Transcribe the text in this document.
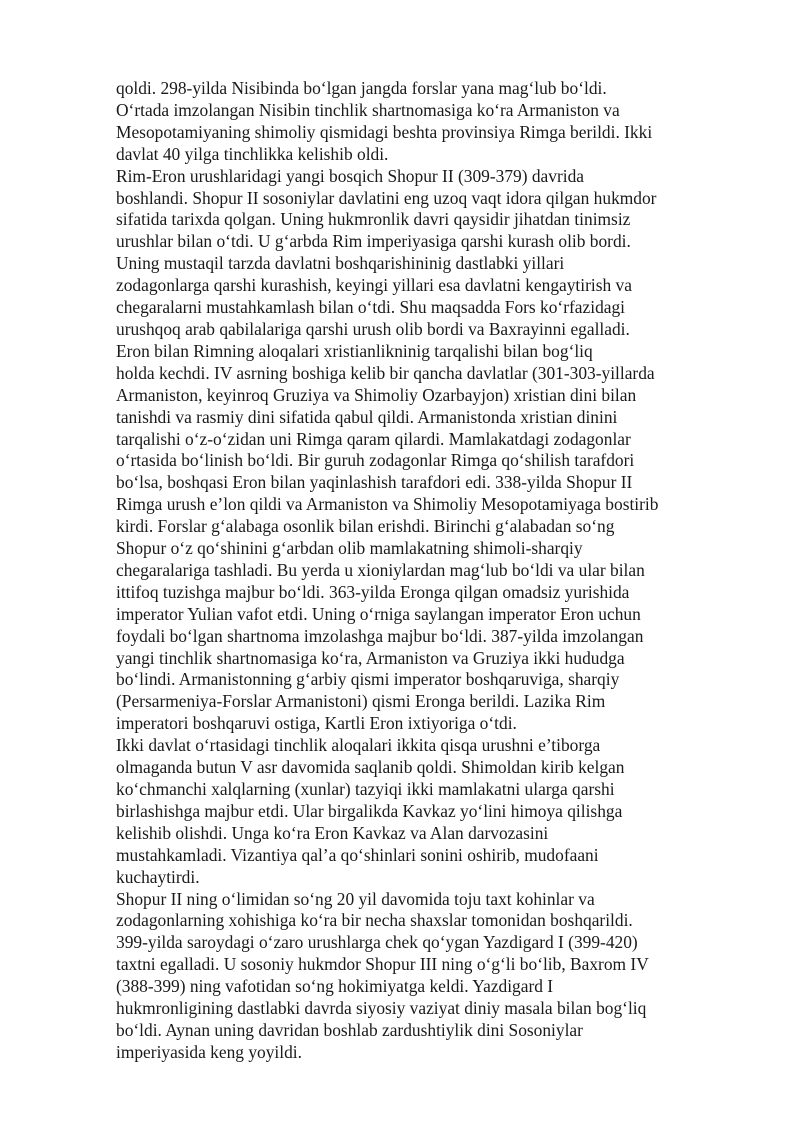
qoldi. 298-yilda Nisibinda bo‘lgan jangda forslar yana mag‘lub bo‘ldi.
O‘rtada imzolangan Nisibin tinchlik shartnomasiga ko‘ra Armaniston va
Mesopotamiyaning shimoliy qismidagi beshta provinsiya Rimga berildi. Ikki
davlat 40 yilga tinchlikka kelishib oldi.
Rim-Eron urushlaridagi yangi bosqich Shopur II (309-379) davrida
boshlandi. Shopur II sosoniylar davlatini eng uzoq vaqt idora qilgan hukmdor
sifatida tarixda qolgan. Uning hukmronlik davri qaysidir jihatdan tinimsiz
urushlar bilan o‘tdi. U g‘arbda Rim imperiyasiga qarshi kurash olib bordi.
Uning mustaqil tarzda davlatni boshqarishininig dastlabki yillari
zodagonlarga qarshi kurashish, keyingi yillari esa davlatni kengaytirish va
chegaralarni mustahkamlash bilan o‘tdi. Shu maqsadda Fors ko‘rfazidagi
urushqoq arab qabilalariga qarshi urush olib bordi va Baxrayinni egalladi.
Eron bilan Rimning aloqalari xristianlikninig tarqalishi bilan bog‘liq
holda kechdi. IV asrning boshiga kelib bir qancha davlatlar (301-303-yillarda
Armaniston, keyinroq Gruziya va Shimoliy Ozarbayjon) xristian dini bilan
tanishdi va rasmiy dini sifatida qabul qildi. Armanistonda xristian dinini
tarqalishi o‘z-o‘zidan uni Rimga qaram qilardi. Mamlakatdagi zodagonlar
o‘rtasida bo‘linish bo‘ldi. Bir guruh zodagonlar Rimga qo‘shilish tarafdori
bo‘lsa, boshqasi Eron bilan yaqinlashish tarafdori edi. 338-yilda Shopur II
Rimga urush e’lon qildi va Armaniston va Shimoliy Mesopotamiyaga bostirib
kirdi. Forslar g‘alabaga osonlik bilan erishdi. Birinchi g‘alabadan so‘ng
Shopur o‘z qo‘shinini g‘arbdan olib mamlakatning shimoli-sharqiy
chegaralariga tashladi. Bu yerda u xioniylardan mag‘lub bo‘ldi va ular bilan
ittifoq tuzishga majbur bo‘ldi. 363-yilda Eronga qilgan omadsiz yurishida
imperator Yulian vafot etdi. Uning o‘rniga saylangan imperator Eron uchun
foydali bo‘lgan shartnoma imzolashga majbur bo‘ldi. 387-yilda imzolangan
yangi tinchlik shartnomasiga ko‘ra, Armaniston va Gruziya ikki hududga
bo‘lindi. Armanistonning g‘arbiy qismi imperator boshqaruviga, sharqiy
(Persarmeniya-Forslar Armanistoni) qismi Eronga berildi. Lazika Rim
imperatori boshqaruvi ostiga, Kartli Eron ixtiyoriga o‘tdi.
Ikki davlat o‘rtasidagi tinchlik aloqalari ikkita qisqa urushni e’tiborga
olmaganda butun V asr davomida saqlanib qoldi. Shimoldan kirib kelgan
ko‘chmanchi xalqlarning (xunlar) tazyiqi ikki mamlakatni ularga qarshi
birlashishga majbur etdi. Ular birgalikda Kavkaz yo‘lini himoya qilishga
kelishib olishdi. Unga ko‘ra Eron Kavkaz va Alan darvozasini
mustahkamladi. Vizantiya qal’a qo‘shinlari sonini oshirib, mudofaani
kuchaytirdi.
Shopur II ning o‘limidan so‘ng 20 yil davomida toju taxt kohinlar va
zodagonlarning xohishiga ko‘ra bir necha shaxslar tomonidan boshqarildi.
399-yilda saroydagi o‘zaro urushlarga chek qo‘ygan Yazdigard I (399-420)
taxtni egalladi. U sosoniy hukmdor Shopur III ning o‘g‘li bo‘lib, Baxrom IV
(388-399) ning vafotidan so‘ng hokimiyatga keldi. Yazdigard I
hukmronligining dastlabki davrda siyosiy vaziyat diniy masala bilan bog‘liq
bo‘ldi. Aynan uning davridan boshlab zardushtiylik dini Sosoniylar
imperiyasida keng yoyildi.
